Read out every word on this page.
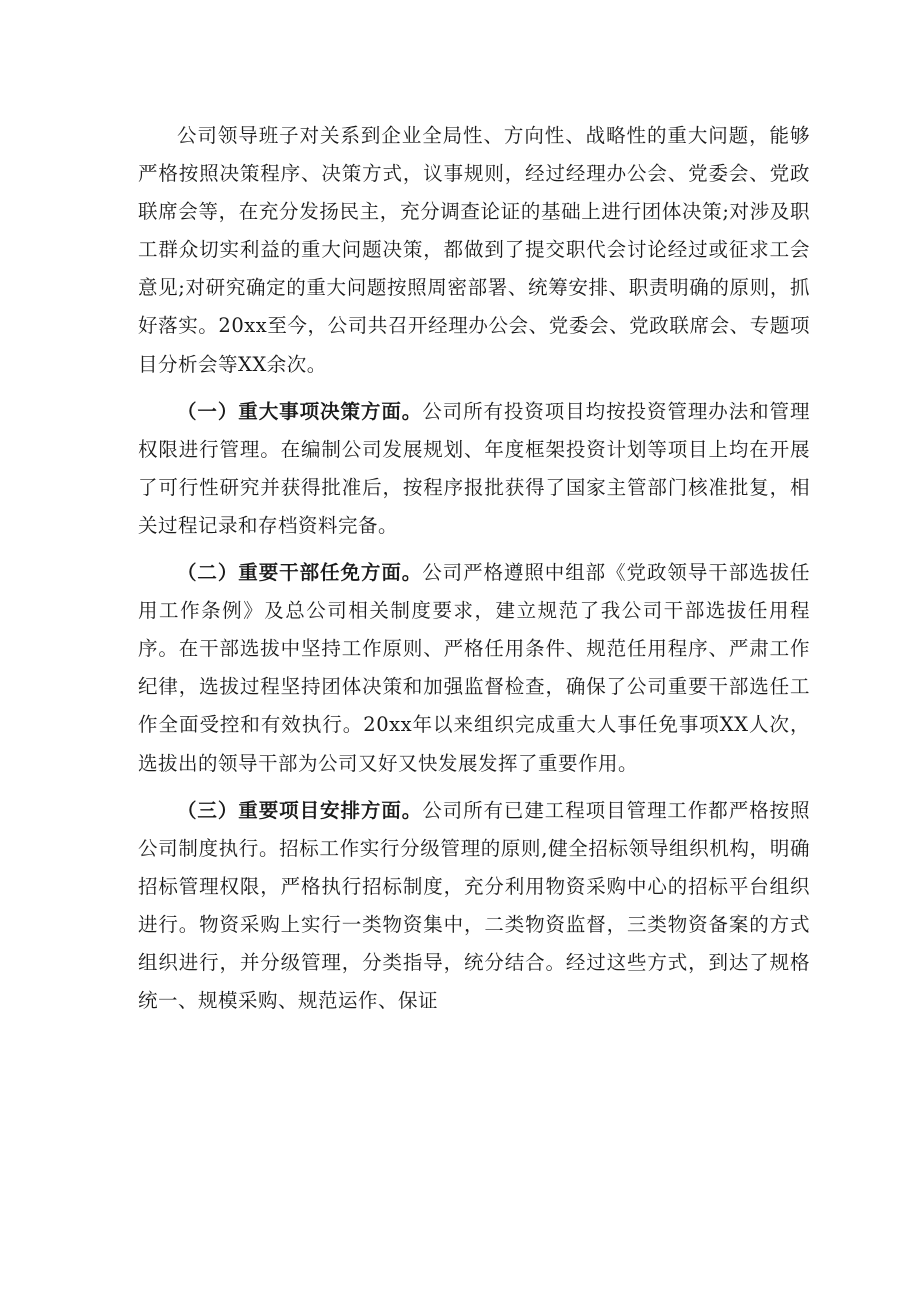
公司领导班子对关系到企业全局性、方向性、战略性的重大问题，能够严格按照决策程序、决策方式，议事规则，经过经理办公会、党委会、党政联席会等，在充分发扬民主，充分调查论证的基础上进行团体决策;对涉及职工群众切实利益的重大问题决策，都做到了提交职代会讨论经过或征求工会意见;对研究确定的重大问题按照周密部署、统筹安排、职责明确的原则，抓好落实。20xx至今，公司共召开经理办公会、党委会、党政联席会、专题项目分析会等XX余次。

（一）重大事项决策方面。公司所有投资项目均按投资管理办法和管理权限进行管理。在编制公司发展规划、年度框架投资计划等项目上均在开展了可行性研究并获得批准后，按程序报批获得了国家主管部门核准批复，相关过程记录和存档资料完备。

（二）重要干部任免方面。公司严格遵照中组部《党政领导干部选拔任用工作条例》及总公司相关制度要求，建立规范了我公司干部选拔任用程序。在干部选拔中坚持工作原则、严格任用条件、规范任用程序、严肃工作纪律，选拔过程坚持团体决策和加强监督检查，确保了公司重要干部选任工作全面受控和有效执行。20xx年以来组织完成重大人事任免事项XX人次，选拔出的领导干部为公司又好又快发展发挥了重要作用。

（三）重要项目安排方面。公司所有已建工程项目管理工作都严格按照公司制度执行。招标工作实行分级管理的原则,健全招标领导组织机构，明确招标管理权限，严格执行招标制度，充分利用物资采购中心的招标平台组织进行。物资采购上实行一类物资集中，二类物资监督，三类物资备案的方式组织进行，并分级管理，分类指导，统分结合。经过这些方式，到达了规格统一、规模采购、规范运作、保证
